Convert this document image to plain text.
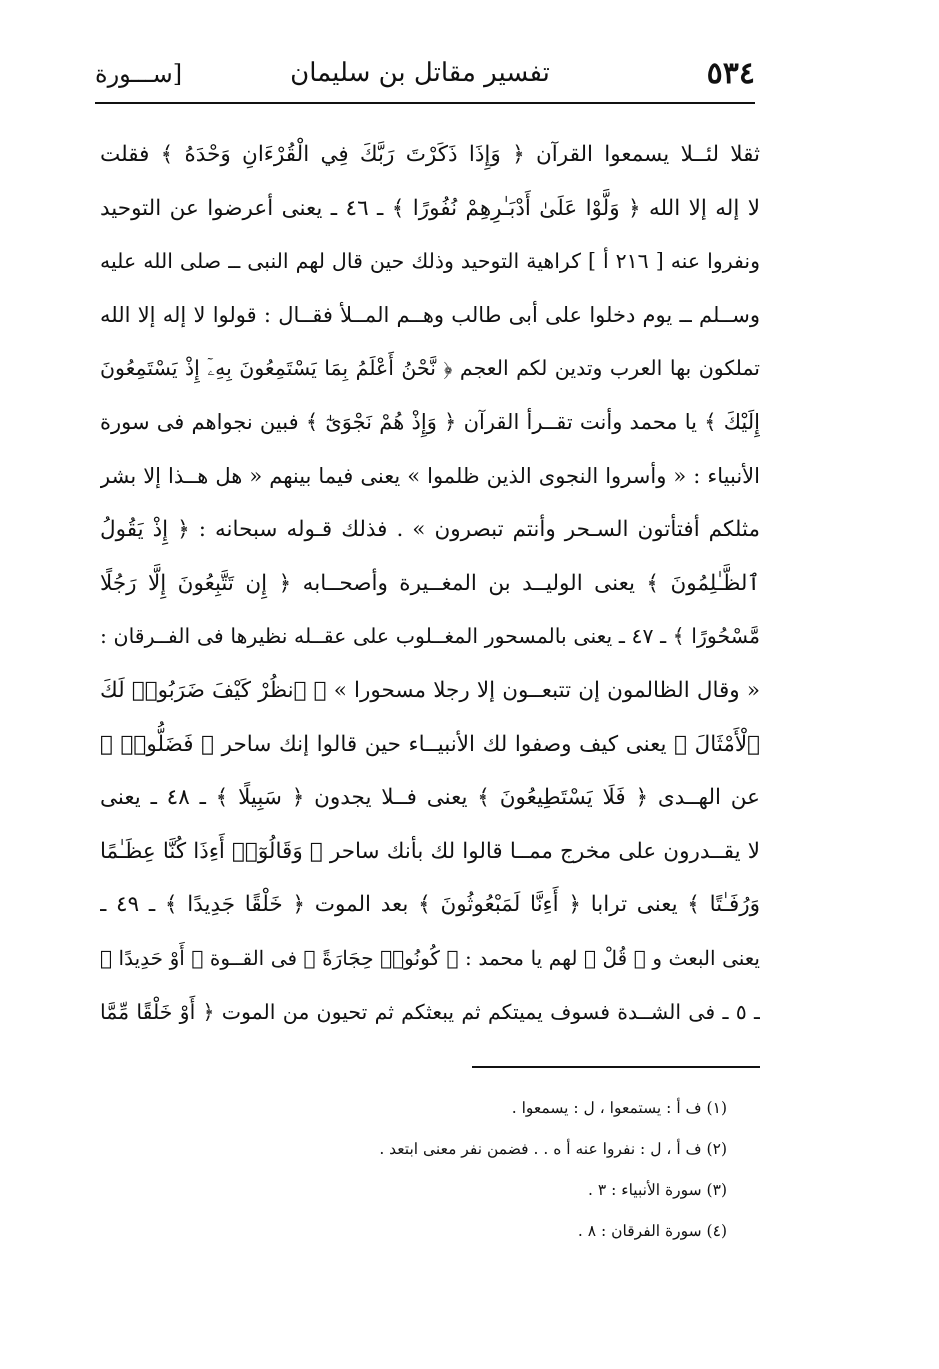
٥٣٤
تفسير مقاتل بن سليمان
[ســـورة
ثقلا لئــلا يسمعوا القرآن ﴿ وَإِذَا ذَكَرْتَ رَبَّكَ فِي الْقُرْءَانِ وَحْدَهُ ﴾ فقلت
لا إله إلا الله ﴿ وَلَّوْا عَلَىٰ أَدْبَـٰرِهِمْ نُفُورًا ﴾ ـ ٤٦ ـ يعنى أعرضوا عن التوحيد
ونفروا عنه [ ٢١٦ أ ] كراهية التوحيد وذلك حين قال لهم النبى ــ صلى الله عليه
وســلم ــ يوم دخلوا على أبى طالب وهــم المــلأ فقــال : قولوا لا إله إلا الله
تملكون بها العرب وتدين لكم العجم ﴿ نَّحْنُ أَعْلَمُ بِمَا يَسْتَمِعُونَ بِهِۦٓ إِذْ يَسْتَمِعُونَ
إِلَيْكَ ﴾ يا محمد وأنت تقــرأ القرآن ﴿ وَإِذْ هُمْ نَجْوَىٰٓ ﴾ فبين نجواهم فى سورة
الأنبياء : « وأسروا النجوى الذين ظلموا » يعنى فيما بينهم « هل هــذا إلا بشر
مثلكم أفتأتون السـحر وأنتم تبصرون » . فذلك قـوله سبحانه : ﴿ إِذْ يَقُولُ
ٱلظَّـٰلِمُونَ ﴾ يعنى الوليــد بن المغــيرة وأصحــابه ﴿ إِن تَتَّبِعُونَ إِلَّا رَجُلًا
مَّسْحُورًا ﴾ ـ ٤٧ ـ يعنى بالمسحور المغــلوب على عقــله نظيرها فى الفــرقان :
« وقال الظالمون إن تتبعــون إلا رجلا مسحورا » ﴿ ٱنظُرْ كَيْفَ ضَرَبُوا۟ لَكَ
ٱلْأَمْثَالَ ﴾ يعنى كيف وصفوا لك الأنبيــاء حين قالوا إنك ساحر ﴿ فَضَلُّوا۟ ﴾
عن الهــدى ﴿ فَلَا يَسْتَطِيعُونَ ﴾ يعنى فــلا يجدون ﴿ سَبِيلًا ﴾ ـ ٤٨ ـ يعنى
لا يقــدرون على مخرج ممــا قالوا لك بأنك ساحر ﴿ وَقَالُوٓا۟ أَءِذَا كُنَّا عِظَـٰمًا
وَرُفَـٰتًا ﴾ يعنى ترابا ﴿ أَءِنَّا لَمَبْعُوثُونَ ﴾ بعد الموت ﴿ خَلْقًا جَدِيدًا ﴾ ـ ٤٩ ـ
يعنى البعث و ﴿ قُلْ ﴾ لهم يا محمد : ﴿ كُونُوا۟ حِجَارَةً ﴾ فى القــوة ﴿ أَوْ حَدِيدًا ﴾
ـ ٥ ـ فى الشــدة فسوف يميتكم ثم يبعثكم ثم تحيون من الموت ﴿ أَوْ خَلْقًا مِّمَّا
(١) ف أ : يستمعوا ، ل : يسمعوا .
(٢) ف أ ، ل : نفروا عنه أ ه . . فضمن نفر معنى ابتعد .
(٣) سورة الأنبياء : ٣ .
(٤) سورة الفرقان : ٨ .
